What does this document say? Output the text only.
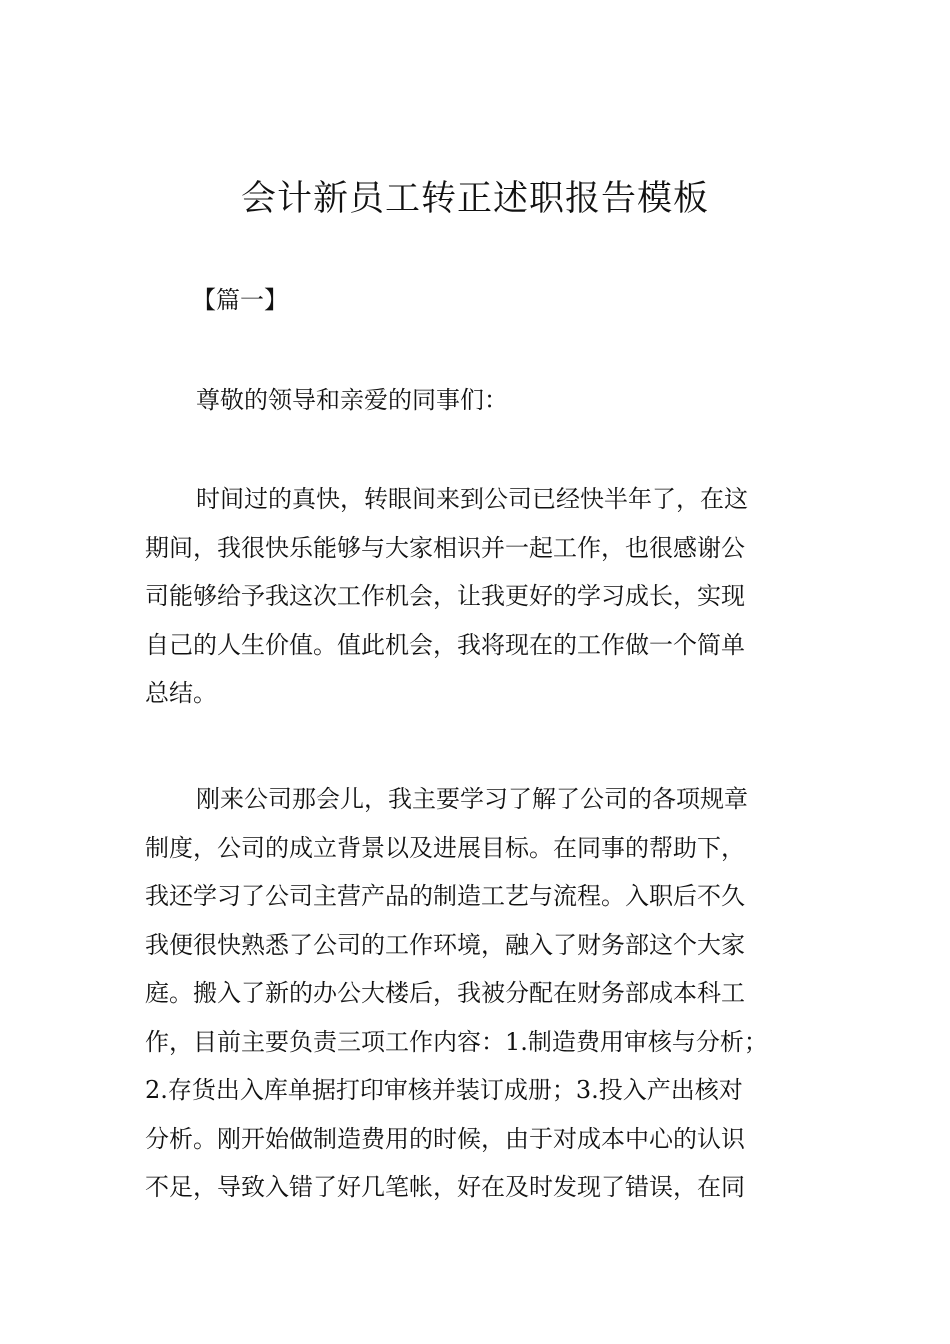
会计新员工转正述职报告模板

【篇一】

尊敬的领导和亲爱的同事们：

时间过的真快，转眼间来到公司已经快半年了，在这
期间，我很快乐能够与大家相识并一起工作，也很感谢公
司能够给予我这次工作机会，让我更好的学习成长，实现
自己的人生价值。值此机会，我将现在的工作做一个简单
总结。

刚来公司那会儿，我主要学习了解了公司的各项规章
制度，公司的成立背景以及进展目标。在同事的帮助下，
我还学习了公司主营产品的制造工艺与流程。入职后不久
我便很快熟悉了公司的工作环境，融入了财务部这个大家
庭。搬入了新的办公大楼后，我被分配在财务部成本科工
作，目前主要负责三项工作内容：1.制造费用审核与分析；
2.存货出入库单据打印审核并装订成册；3.投入产出核对
分析。刚开始做制造费用的时候，由于对成本中心的认识
不足，导致入错了好几笔帐，好在及时发现了错误，在同
